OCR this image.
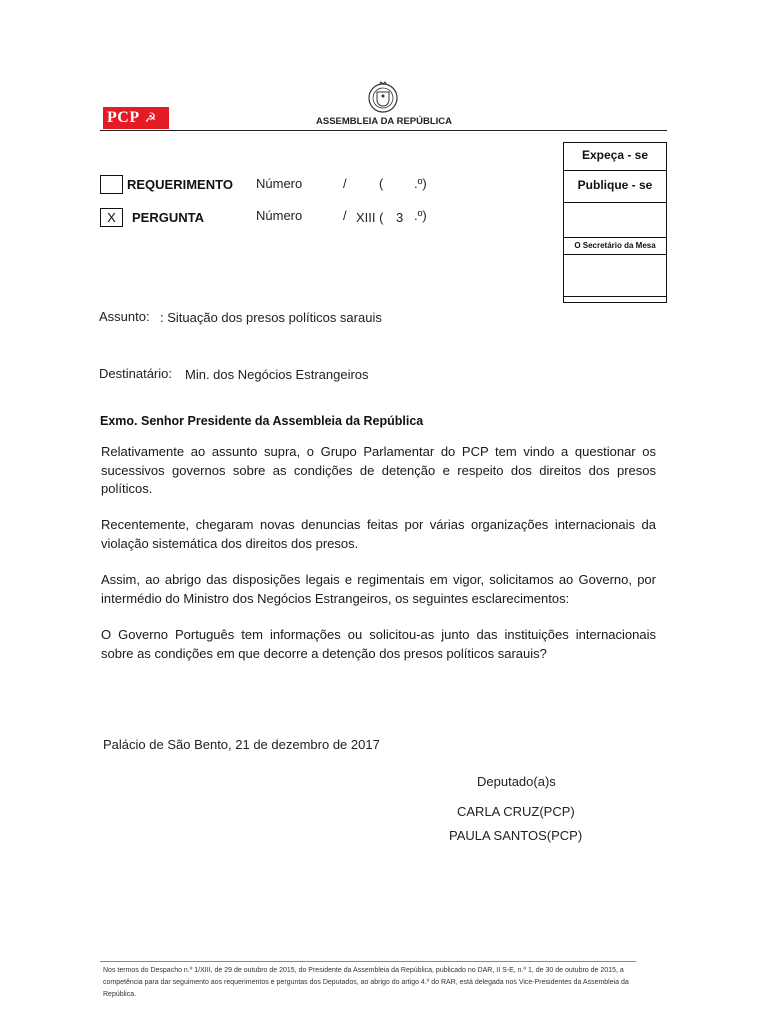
PCP ☭	ASSEMBLEIA DA REPÚBLICA
Expeça - se
Publique - se
O Secretário da Mesa
REQUERIMENTO Número	/ ( .º)
X	PERGUNTA	Número	/ XIII ( 3 .º)
Assunto: : Situação dos presos políticos sarauis
Destinatário: Min. dos Negócios Estrangeiros
Exmo. Senhor Presidente da Assembleia da República
Relativamente ao assunto supra, o Grupo Parlamentar do PCP tem vindo a questionar os sucessivos governos sobre as condições de detenção e respeito dos direitos dos presos políticos.
Recentemente, chegaram novas denuncias feitas por várias organizações internacionais da violação sistemática dos direitos dos presos.
Assim, ao abrigo das disposições legais e regimentais em vigor, solicitamos ao Governo, por intermédio do Ministro dos Negócios Estrangeiros, os seguintes esclarecimentos:
O Governo Português tem informações ou solicitou-as junto das instituições internacionais sobre as condições em que decorre a detenção dos presos políticos sarauis?
Palácio de São Bento, 21 de dezembro de 2017
Deputado(a)s
CARLA CRUZ(PCP)
PAULA SANTOS(PCP)
Nos termos do Despacho n.º 1/XIII, de 29 de outubro de 2015, do Presidente da Assembleia da República, publicado no DAR, II S-E, n.º 1, de 30 de outubro de 2015, a competência para dar seguimento aos requerimentos e perguntas dos Deputados, ao abrigo do artigo 4.º do RAR, está delegada nos Vice-Presidentes da Assembleia da República.
